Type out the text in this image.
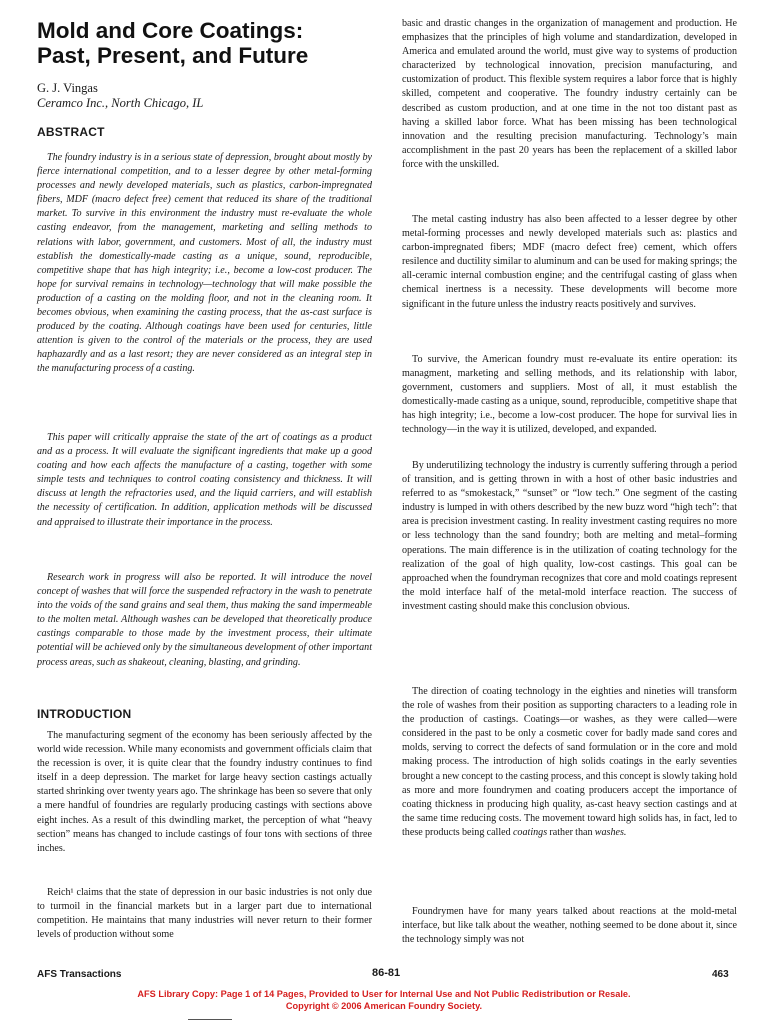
Mold and Core Coatings:
Past, Present, and Future

G. J. Vingas

Ceramco Inc., North Chicago, IL

ABSTRACT

The foundry industry is in a serious state of depression, brought about mostly by fierce international competition, and to a lesser degree by other metal-forming processes and newly developed materials, such as plastics, carbon-impregnated fibers, MDF (macro defect free) cement that reduced its share of the traditional market. To survive in this environment the industry must re-evaluate the whole casting endeavor, from the management, marketing and selling methods to relations with labor, government, and customers. Most of all, the industry must establish the domestically-made casting as a unique, sound, reproducible, competitive shape that has high integrity; i.e., become a low-cost producer. The hope for survival remains in technology—technology that will make possible the production of a casting on the molding floor, and not in the cleaning room. It becomes obvious, when examining the casting process, that the as-cast surface is produced by the coating. Although coatings have been used for centuries, little attention is given to the control of the materials or the process, they are used haphazardly and as a last resort; they are never considered as an integral step in the manufacturing process of a casting.

This paper will critically appraise the state of the art of coatings as a product and as a process. It will evaluate the significant ingredients that make up a good coating and how each affects the manufacture of a casting, together with some simple tests and techniques to control coating consistency and thickness. It will discuss at length the refractories used, and the liquid carriers, and will establish the necessity of certification. In addition, application methods will be discussed and appraised to illustrate their importance in the process.

Research work in progress will also be reported. It will introduce the novel concept of washes that will force the suspended refractory in the wash to penetrate into the voids of the sand grains and seal them, thus making the sand impermeable to the molten metal. Although washes can be developed that theoretically produce castings comparable to those made by the investment process, their ultimate potential will be achieved only by the simultaneous development of other important process areas, such as shakeout, cleaning, blasting, and grinding.

INTRODUCTION

The manufacturing segment of the economy has been seriously affected by the world wide recession. While many economists and government officials claim that the recession is over, it is quite clear that the foundry industry continues to find itself in a deep depression. The market for large heavy section castings actually started shrinking over twenty years ago. The shrinkage has been so severe that only a mere handful of foundries are regularly producing castings with sections above eight inches. As a result of this dwindling market, the perception of what “heavy section” means has changed to include castings of four tons with sections of three inches.

Reich¹ claims that the state of depression in our basic industries is not only due to turmoil in the financial markets but in a larger part due to international competition. He maintains that many industries will never return to their former levels of production without some

basic and drastic changes in the organization of management and production. He emphasizes that the principles of high volume and standardization, developed in America and emulated around the world, must give way to systems of production characterized by technological innovation, precision manufacturing, and customization of product. This flexible system requires a labor force that is highly skilled, competent and cooperative. The foundry industry certainly can be described as custom production, and at one time in the not too distant past as having a skilled labor force. What has been missing has been technological innovation and the resulting precision manufacturing. Technology’s main accomplishment in the past 20 years has been the replacement of a skilled labor force with the unskilled.

The metal casting industry has also been affected to a lesser degree by other metal-forming processes and newly developed materials such as: plastics and carbon-impregnated fibers; MDF (macro defect free) cement, which offers resilence and ductility similar to aluminum and can be used for making springs; the all-ceramic internal combustion engine; and the centrifugal casting of glass when chemical inertness is a necessity. These developments will become more significant in the future unless the industry reacts positively and survives.

To survive, the American foundry must re-evaluate its entire operation: its managment, marketing and selling methods, and its relationship with labor, government, customers and suppliers. Most of all, it must establish the domestically-made casting as a unique, sound, reproducible, competitive shape that has high integrity; i.e., become a low-cost producer. The hope for survival lies in technology—in the way it is utilized, developed, and expanded.

By underutilizing technology the industry is currently suffering through a period of transition, and is getting thrown in with a host of other basic industries and referred to as “smokestack,” “sunset” or “low tech.” One segment of the casting industry is lumped in with others described by the new buzz word “high tech”: that area is precision investment casting. In reality investment casting requires no more or less technology than the sand foundry; both are melting and metal–forming operations. The main difference is in the utilization of coating technology for the realization of the goal of high quality, low-cost castings. This goal can be approached when the foundryman recognizes that core and mold coatings represent the mold interface half of the metal-mold interface reaction. The success of investment casting should make this conclusion obvious.

The direction of coating technology in the eighties and nineties will transform the role of washes from their position as supporting characters to a leading role in the production of castings. Coatings—or washes, as they were called—were considered in the past to be only a cosmetic cover for badly made sand cores and molds, serving to correct the defects of sand formulation or in the core and mold making process. The introduction of high solids coatings in the early seventies brought a new concept to the casting process, and this concept is slowly taking hold as more and more foundrymen and coating producers accept the importance of coating thickness in producing high quality, as-cast heavy section castings and at the same time reducing costs. The movement toward high solids has, in fact, led to these products being called coatings rather than washes.

Foundrymen have for many years talked about reactions at the mold-metal interface, but like talk about the weather, nothing seemed to be done about it, since the technology simply was not

AFS Transactions	86-81	463
AFS Library Copy: Page 1 of 14 Pages, Provided to User for Internal Use and Not Public Redistribution or Resale.
Copyright © 2006 American Foundry Society.
